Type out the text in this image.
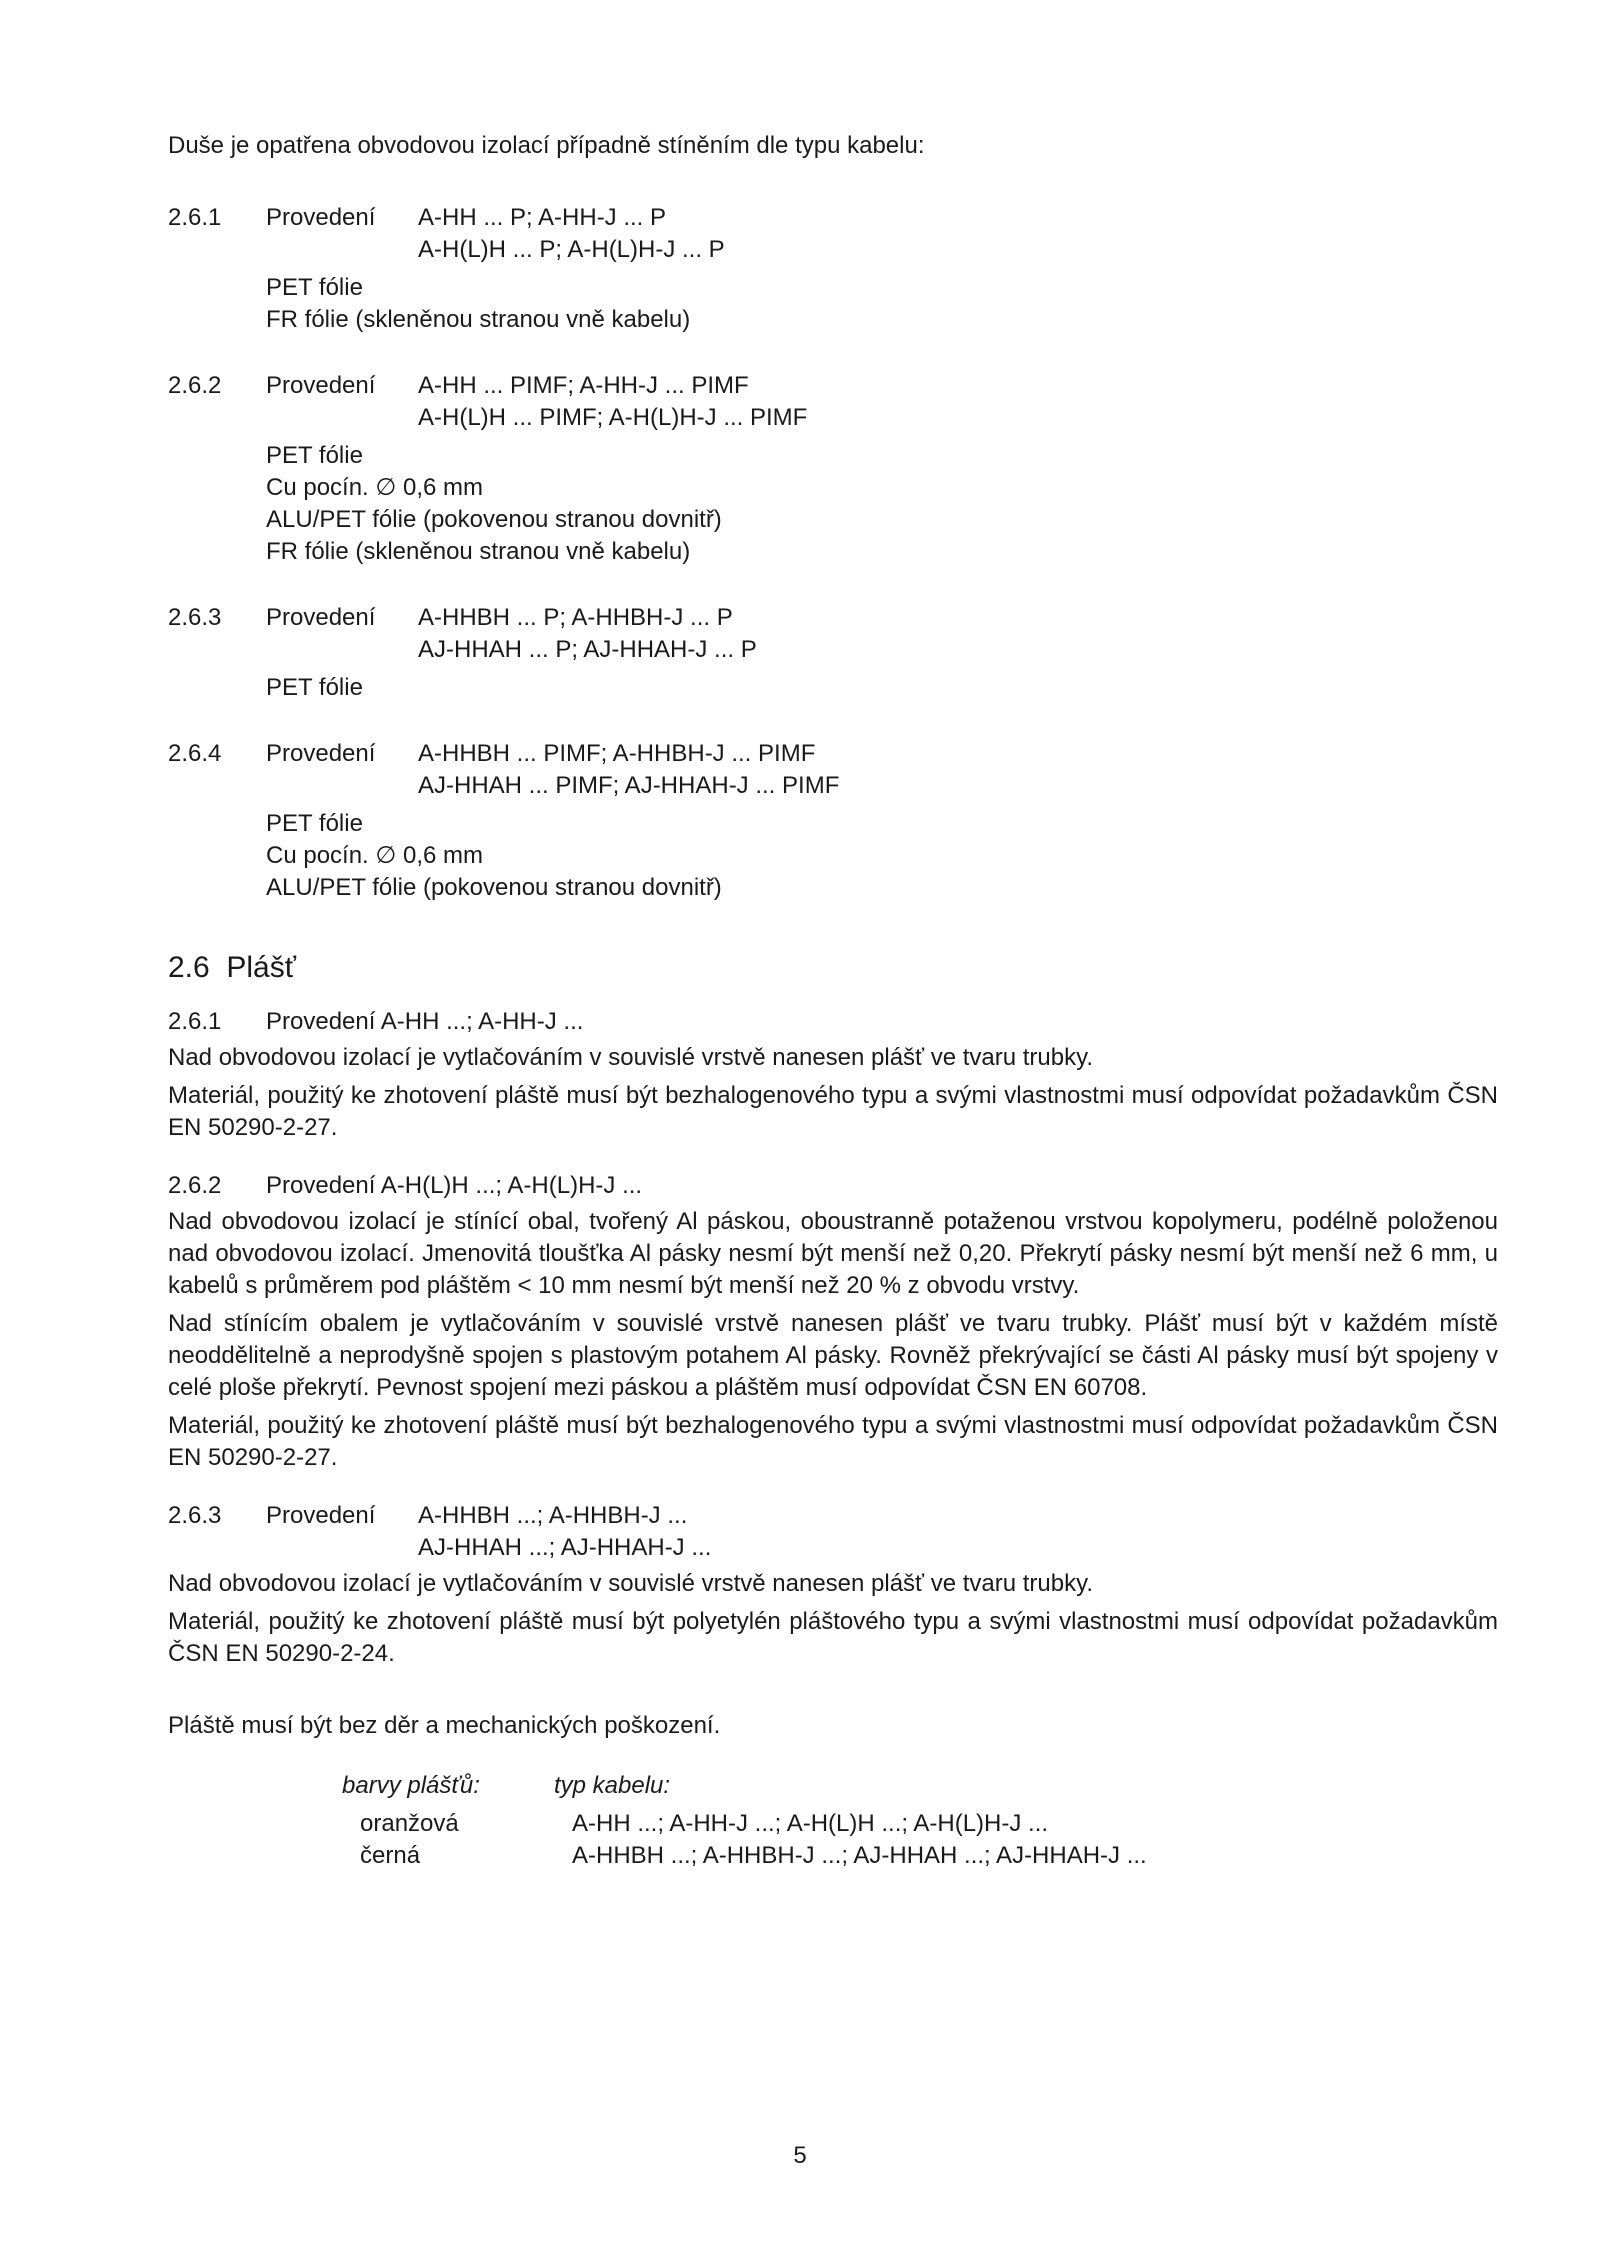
Duše je opatřena obvodovou izolací případně stíněním dle typu kabelu:

2.6.1	Provedení	A-HH ... P; A-HH-J ... P
A-H(L)H ... P; A-H(L)H-J ... P
PET fólie
FR fólie (skleněnou stranou vně kabelu)
2.6.2	Provedení	A-HH ... PIMF; A-HH-J ... PIMF
A-H(L)H ... PIMF; A-H(L)H-J ... PIMF
PET fólie
Cu pocín. ∅ 0,6 mm
ALU/PET fólie (pokovenou stranou dovnitř)
FR fólie (skleněnou stranou vně kabelu)
2.6.3	Provedení	A-HHBH ... P; A-HHBH-J ... P
AJ-HHAH ... P; AJ-HHAH-J ... P
PET fólie
2.6.4	Provedení	A-HHBH ... PIMF; A-HHBH-J ... PIMF
AJ-HHAH ... PIMF; AJ-HHAH-J ... PIMF
PET fólie
Cu pocín. ∅ 0,6 mm
ALU/PET fólie (pokovenou stranou dovnitř)
2.6  Plášť
2.6.1	Provedení A-HH ...; A-HH-J ...

Nad obvodovou izolací je vytlačováním v souvislé vrstvě nanesen plášť ve tvaru trubky.

Materiál, použitý ke zhotovení pláště musí být bezhalogenového typu a svými vlastnostmi musí odpovídat požadavkům ČSN EN 50290-2-27.

2.6.2	Provedení A-H(L)H ...; A-H(L)H-J ...

Nad obvodovou izolací je stínící obal, tvořený Al páskou, oboustranně potaženou vrstvou kopolymeru, podélně položenou nad obvodovou izolací. Jmenovitá tloušťka Al pásky nesmí být menší než 0,20. Překrytí pásky nesmí být menší než 6 mm, u kabelů s průměrem pod pláštěm < 10 mm nesmí být menší než 20 % z obvodu vrstvy.

Nad stínícím obalem je vytlačováním v souvislé vrstvě nanesen plášť ve tvaru trubky. Plášť musí být v každém místě neoddělitelně a neprodyšně spojen s plastovým potahem Al pásky. Rovněž překrývající se části Al pásky musí být spojeny v celé ploše překrytí. Pevnost spojení mezi páskou a pláštěm musí odpovídat ČSN EN 60708.

Materiál, použitý ke zhotovení pláště musí být bezhalogenového typu a svými vlastnostmi musí odpovídat požadavkům ČSN EN 50290-2-27.

2.6.3	Provedení	A-HHBH ...; A-HHBH-J ...
AJ-HHAH ...; AJ-HHAH-J ...

Nad obvodovou izolací je vytlačováním v souvislé vrstvě nanesen plášť ve tvaru trubky.

Materiál, použitý ke zhotovení pláště musí být polyetylén pláštového typu a svými vlastnostmi musí odpovídat požadavkům ČSN EN 50290-2-24.

Pláště musí být bez děr a mechanických poškození.

barvy plášťů:	typ kabelu:
oranžová	A-HH ...; A-HH-J ...; A-H(L)H ...; A-H(L)H-J ...
černá	A-HHBH ...; A-HHBH-J ...; AJ-HHAH ...; AJ-HHAH-J ...
5
